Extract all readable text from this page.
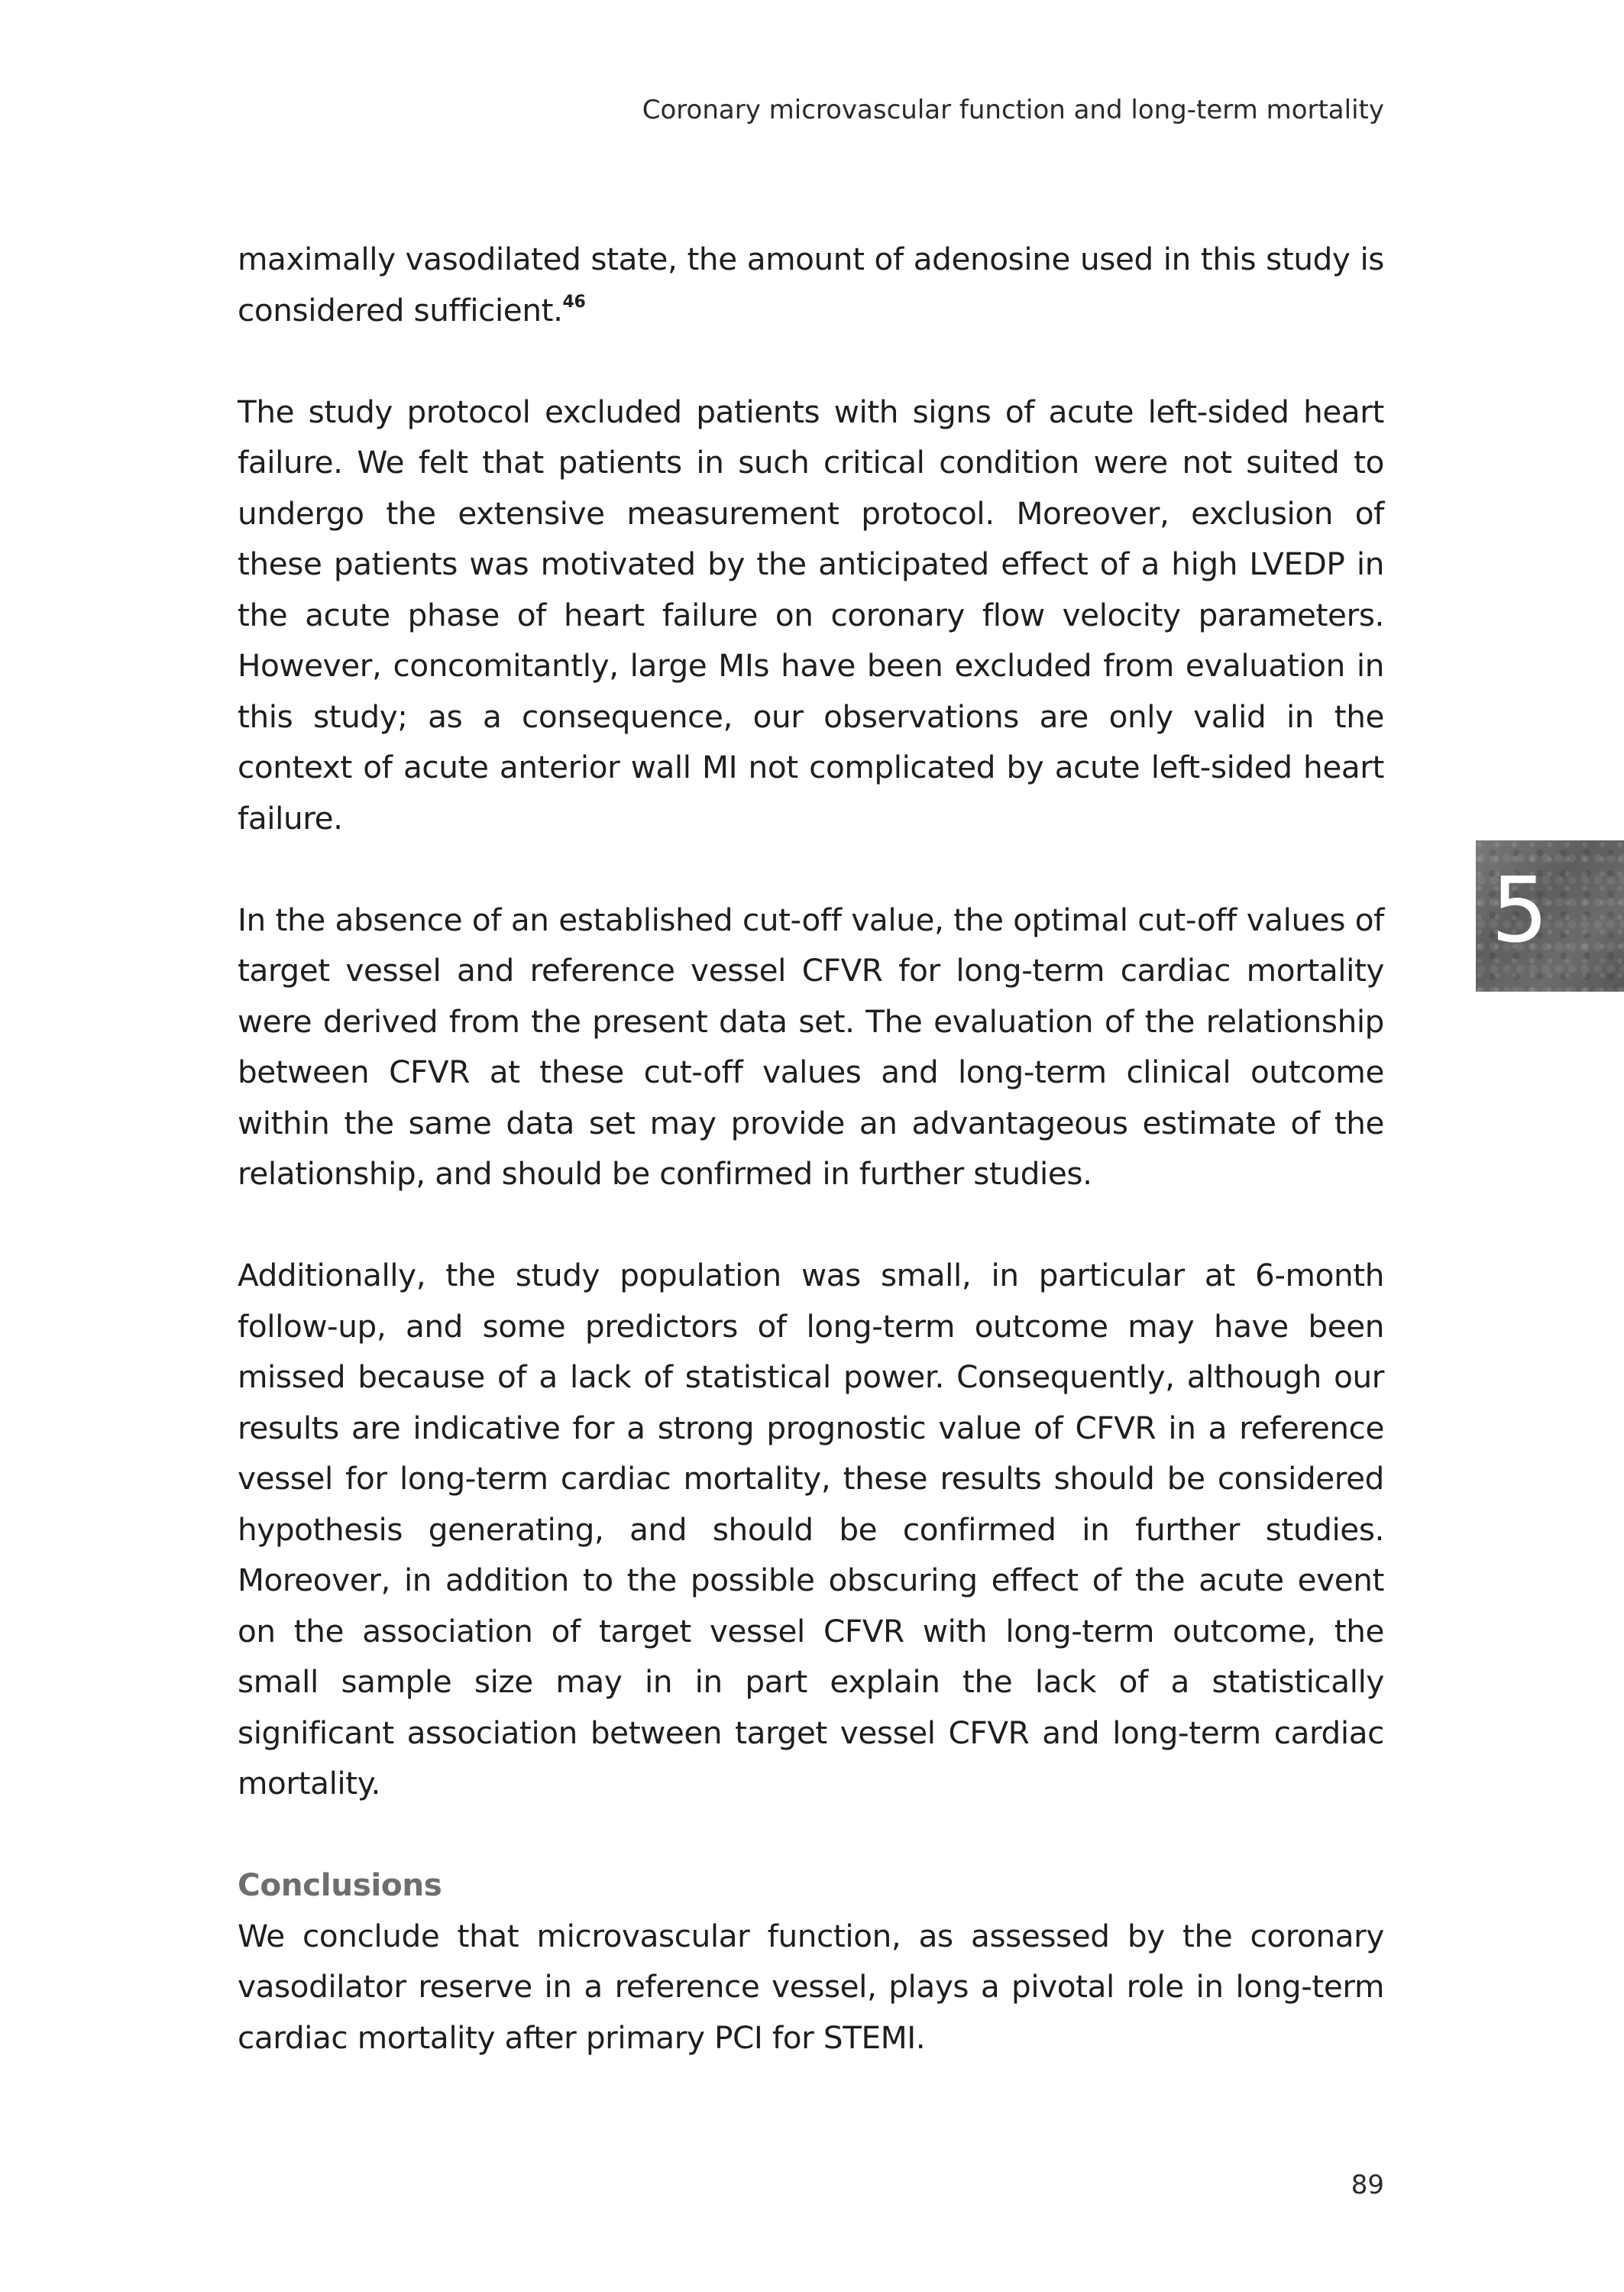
Coronary microvascular function and long-term mortality

maximally vasodilated state, the amount of adenosine used in this study is considered sufficient.$^{46}$

The study protocol excluded patients with signs of acute left-sided heart failure. We felt that patients in such critical condition were not suited to undergo the extensive measurement protocol. Moreover, exclusion of these patients was motivated by the anticipated effect of a high LVEDP in the acute phase of heart failure on coronary flow velocity parameters. However, concomitantly, large MIs have been excluded from evaluation in this study; as a consequence, our observations are only valid in the context of acute anterior wall MI not complicated by acute left-sided heart failure.

In the absence of an established cut-off value, the optimal cut-off values of target vessel and reference vessel CFVR for long-term cardiac mortality were derived from the present data set. The evaluation of the relationship between CFVR at these cut-off values and long-term clinical outcome within the same data set may provide an advantageous estimate of the relationship, and should be confirmed in further studies.

Additionally, the study population was small, in particular at 6-month follow-up, and some predictors of long-term outcome may have been missed because of a lack of statistical power. Consequently, although our results are indicative for a strong prognostic value of CFVR in a reference vessel for long-term cardiac mortality, these results should be considered hypothesis generating, and should be confirmed in further studies. Moreover, in addition to the possible obscuring effect of the acute event on the association of target vessel CFVR with long-term outcome, the small sample size may in in part explain the lack of a statistically significant association between target vessel CFVR and long-term cardiac mortality.

Conclusions

We conclude that microvascular function, as assessed by the coronary vasodilator reserve in a reference vessel, plays a pivotal role in long-term cardiac mortality after primary PCI for STEMI.

5
89
